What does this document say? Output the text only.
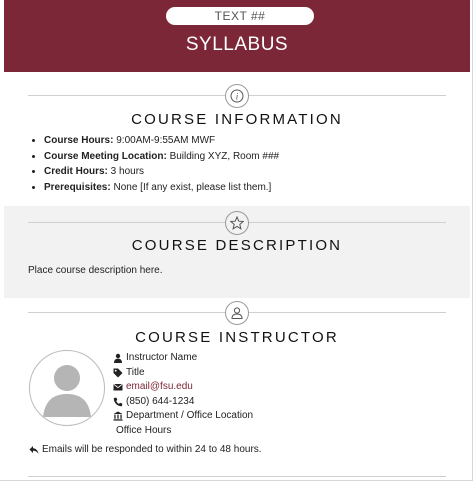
TEXT ##
SYLLABUS
i
COURSE INFORMATION
• Course Hours: 9:00AM-9:55AM MWF
• Course Meeting Location: Building XYZ, Room ###
• Credit Hours: 3 hours
• Prerequisites: None [If any exist, please list them.]
COURSE DESCRIPTION
Place course description here.
COURSE INSTRUCTOR
Instructor Name
Title
email@fsu.edu
(850) 644-1234
Department / Office Location
Office Hours
Emails will be responded to within 24 to 48 hours.
